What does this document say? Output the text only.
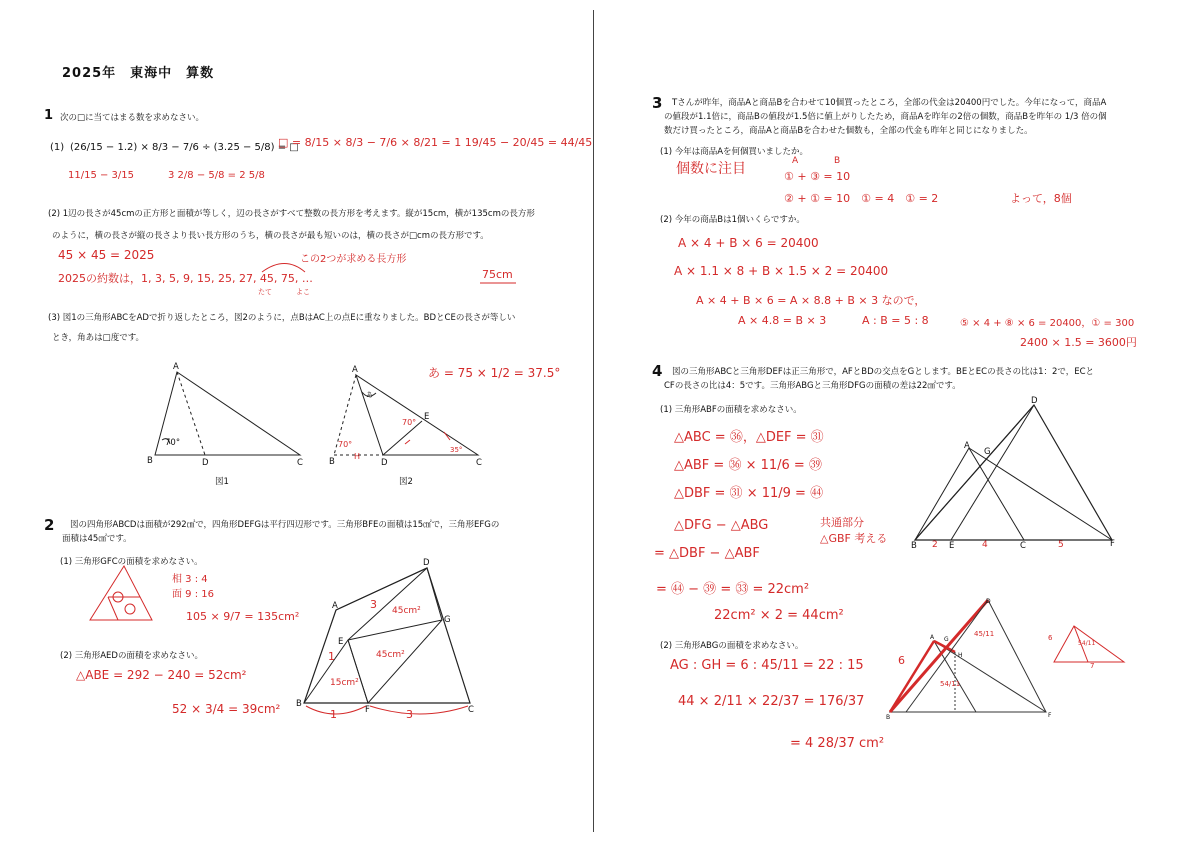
2025年　東海中　算数
1 次の□に当てはまる数を求めなさい。
(1) (26/15 − 1.2) × 8/3 − 7/6 ÷ (3.25 − 5/8) = □
11/15 − 3/15	3 2/8 − 5/8 = 2 5/8
□ = 8/15 × 8/3 − 7/6 × 8/21 = 1 19/45 − 20/45 = 44/45
(2) 1辺の長さが45cmの正方形と面積が等しく，辺の長さがすべて整数の長方形を考えます。縦が15cm，横が135cmの長方形
のように，横の長さが縦の長さより長い長方形のうち，横の長さが最も短いのは，横の長さが□cmの長方形です。
45 × 45 = 2025	この2つが求める長方形
2025の約数は，1, 3, 5, 9, 15, 25, 27, 45, 75, …
たて	よこ
75cm
(3) 図1の三角形ABCをADで折り返したところ，図2のように，点BはAC上の点Eに重なりました。BDとCEの長さが等しい
とき，角あは□度です。
あ = 75 × 1/2 = 37.5°
A
B	D	C
70°
図1
A
あ
E
B
H
D	C
70°
70°
35°
図2
2 図の四角形ABCDは面積が292㎠で，四角形DEFGは平行四辺形です。三角形BFEの面積は15㎠で，三角形EFGの
面積は45㎠です。
(1) 三角形GFCの面積を求めなさい。
相 3 : 4
面 9 : 16
105 × 9/7 = 135cm²
(2) 三角形AEDの面積を求めなさい。
△ABE = 292 − 240 = 52cm²
52 × 3/4 = 39cm²
A
D
G
E
B
F	C
45cm²
45cm²
15cm²
3
1
1	3
3 Tさんが昨年，商品Aと商品Bを合わせて10個買ったところ，全部の代金は20400円でした。今年になって，商品A
の値段が1.1倍に，商品Bの値段が1.5倍に値上がりしたため，商品Aを昨年の2倍の個数，商品Bを昨年の 1/3 倍の個
数だけ買ったところ，商品Aと商品Bを合わせた個数も，全部の代金も昨年と同じになりました。
(1) 今年は商品Aを何個買いましたか。
個数に注目	A	B
① + ③ = 10
② + ① = 10　① = 4　① = 2	よって，8個
(2) 今年の商品Bは1個いくらですか。
A × 4 + B × 6 = 20400
A × 1.1 × 8 + B × 1.5 × 2 = 20400
A × 4 + B × 6 = A × 8.8 + B × 3 なので，
A × 4.8 = B × 3	A : B = 5 : 8	⑤ × 4 + ⑧ × 6 = 20400，① = 300
2400 × 1.5 = 3600円
4 図の三角形ABCと三角形DEFは正三角形で，AFとBDの交点をGとします。BEとECの長さの比は1：2で，ECと
CFの長さの比は4：5です。三角形ABGと三角形DFGの面積の差は22㎠です。
(1) 三角形ABFの面積を求めなさい。
△ABC = ㊱，△DEF = ㉛
△ABF = ㊱ × 11/6 = ㊴
△DBF = ㉛ × 11/9 = ㊹
△DFG − △ABG	共通部分△GBF 考える
= △DBF − △ABF
= ㊹ − ㊴ = ㉝ = 22cm²
22cm² × 2 = 44cm²
(2) 三角形ABGの面積を求めなさい。
AG : GH = 6 : 45/11 = 22 : 15
44 × 2/11 × 22/37 = 176/37
= 4 28/37 cm²
D
A
G
B	E	C	F
2	4	5
D
A G
H
B	F
45/11
54/11
6
6
7
54/11
